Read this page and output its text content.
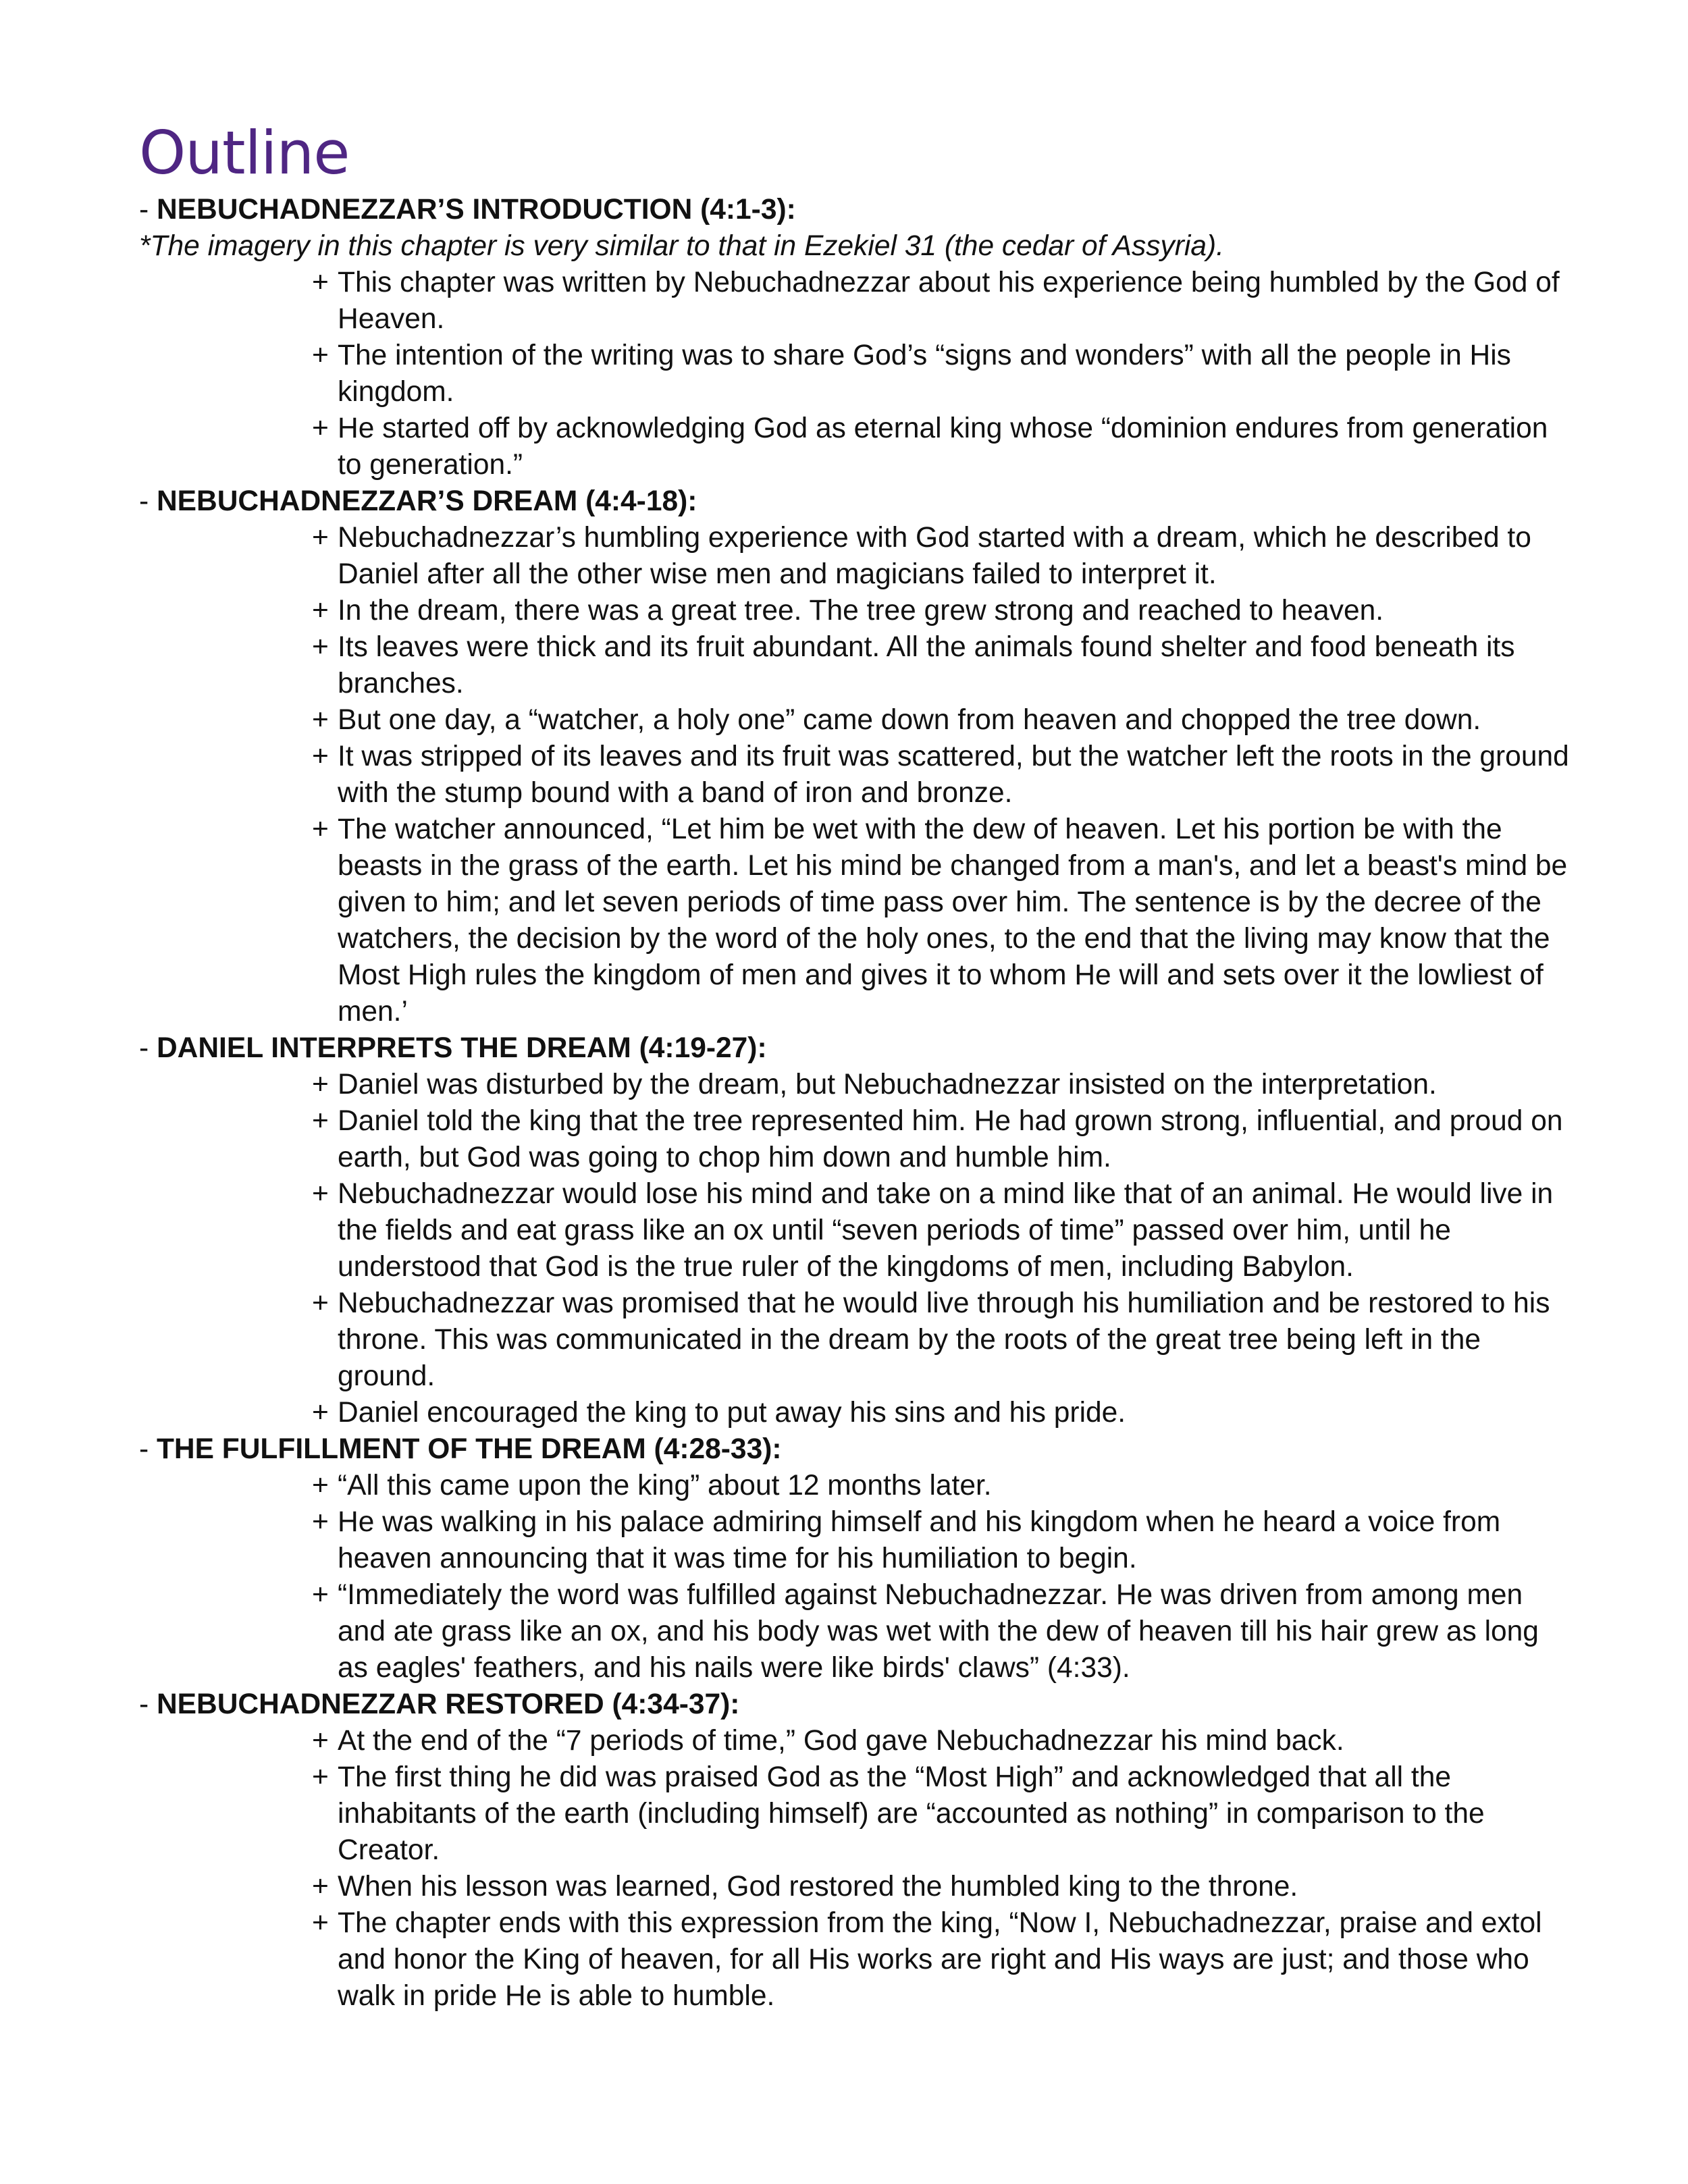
Outline
- NEBUCHADNEZZAR’S INTRODUCTION (4:1-3):
*The imagery in this chapter is very similar to that in Ezekiel 31 (the cedar of Assyria).
+ This chapter was written by Nebuchadnezzar about his experience being humbled by the God of Heaven.
+ The intention of the writing was to share God’s “signs and wonders” with all the people in His kingdom.
+ He started off by acknowledging God as eternal king whose “dominion endures from generation to generation.”
- NEBUCHADNEZZAR’S DREAM (4:4-18):
+ Nebuchadnezzar’s humbling experience with God started with a dream, which he described to Daniel after all the other wise men and magicians failed to interpret it.
+ In the dream, there was a great tree. The tree grew strong and reached to heaven.
+ Its leaves were thick and its fruit abundant. All the animals found shelter and food beneath its branches.
+ But one day, a “watcher, a holy one” came down from heaven and chopped the tree down.
+ It was stripped of its leaves and its fruit was scattered, but the watcher left the roots in the ground with the stump bound with a band of iron and bronze.
+ The watcher announced, “Let him be wet with the dew of heaven. Let his portion be with the beasts in the grass of the earth. Let his mind be changed from a man's, and let a beast's mind be given to him; and let seven periods of time pass over him. The sentence is by the decree of the watchers, the decision by the word of the holy ones, to the end that the living may know that the Most High rules the kingdom of men and gives it to whom He will and sets over it the lowliest of men.’
- DANIEL INTERPRETS THE DREAM (4:19-27):
+ Daniel was disturbed by the dream, but Nebuchadnezzar insisted on the interpretation.
+ Daniel told the king that the tree represented him. He had grown strong, influential, and proud on earth, but God was going to chop him down and humble him.
+ Nebuchadnezzar would lose his mind and take on a mind like that of an animal. He would live in the fields and eat grass like an ox until “seven periods of time” passed over him, until he understood that God is the true ruler of the kingdoms of men, including Babylon.
+ Nebuchadnezzar was promised that he would live through his humiliation and be restored to his throne. This was communicated in the dream by the roots of the great tree being left in the ground.
+ Daniel encouraged the king to put away his sins and his pride.
- THE FULFILLMENT OF THE DREAM (4:28-33):
+ “All this came upon the king” about 12 months later.
+ He was walking in his palace admiring himself and his kingdom when he heard a voice from heaven announcing that it was time for his humiliation to begin.
+ “Immediately the word was fulfilled against Nebuchadnezzar. He was driven from among men and ate grass like an ox, and his body was wet with the dew of heaven till his hair grew as long as eagles' feathers, and his nails were like birds' claws” (4:33).
- NEBUCHADNEZZAR RESTORED (4:34-37):
+ At the end of the “7 periods of time,” God gave Nebuchadnezzar his mind back.
+ The first thing he did was praised God as the “Most High” and acknowledged that all the inhabitants of the earth (including himself) are “accounted as nothing” in comparison to the Creator.
+ When his lesson was learned, God restored the humbled king to the throne.
+ The chapter ends with this expression from the king, “Now I, Nebuchadnezzar, praise and extol and honor the King of heaven, for all His works are right and His ways are just; and those who walk in pride He is able to humble.
